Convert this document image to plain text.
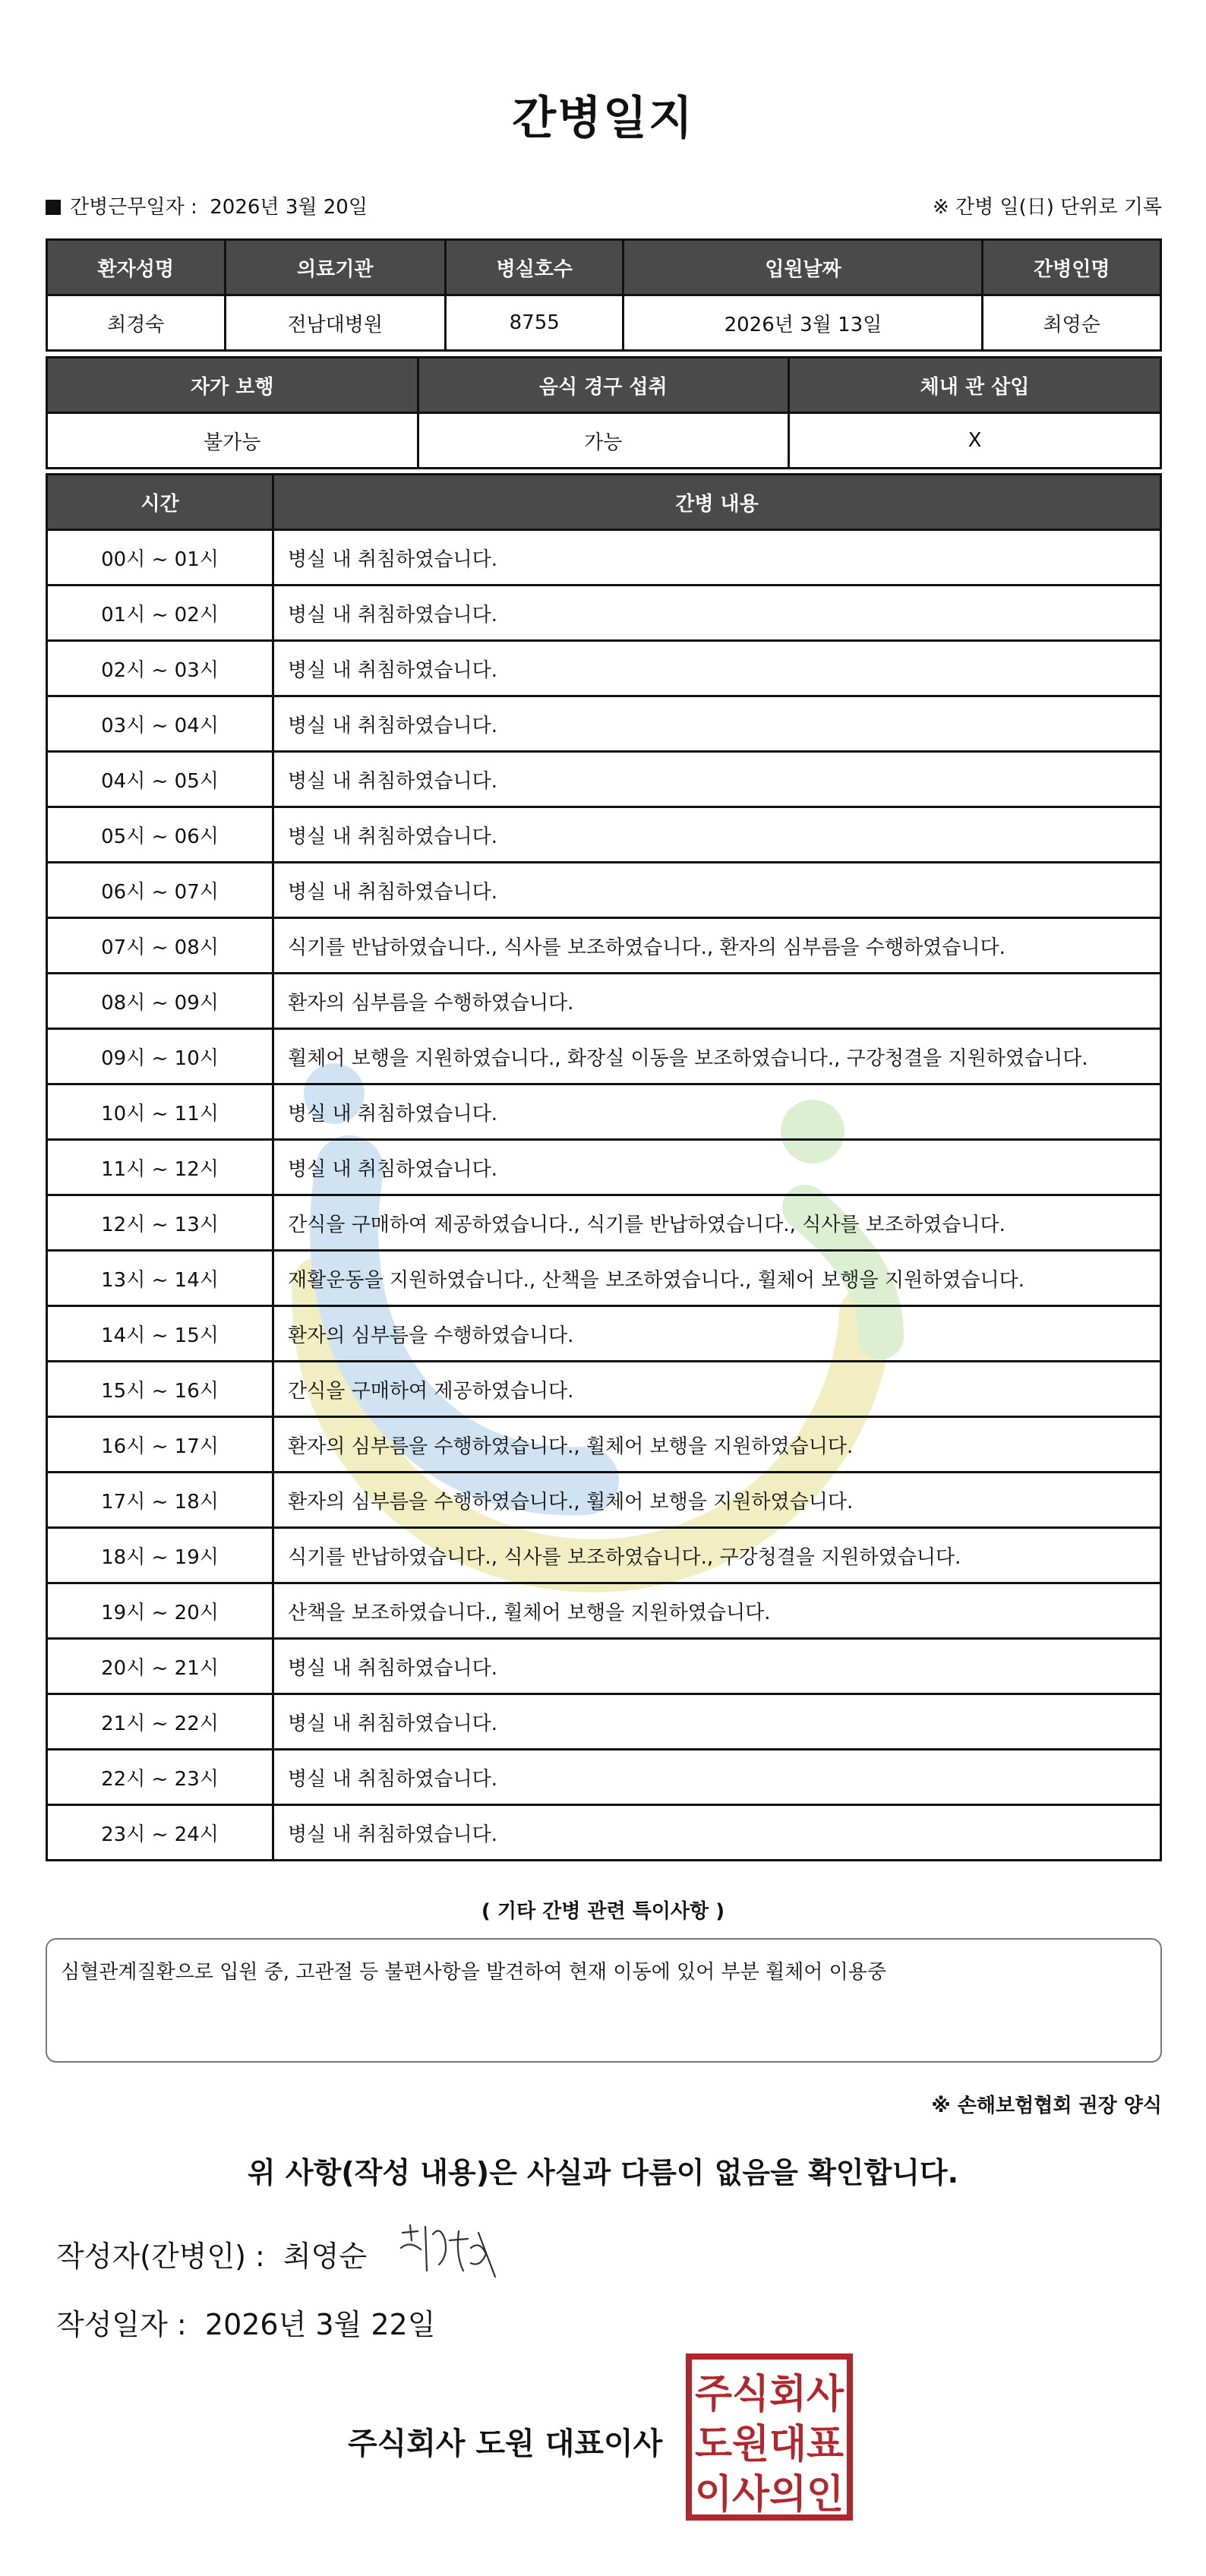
간병일지
간병근무일자 : 2026년 3월 20일	※ 간병 일(日) 단위로 기록
환자성명	의료기관	병실호수	입원날짜	간병인명
최경숙	전남대병원	8755	2026년 3월 13일	최영순
자가 보행	음식 경구 섭취	체내 관 삽입
불가능	가능	X
시간	간병 내용
00시 ~ 01시	병실 내 취침하였습니다.
01시 ~ 02시	병실 내 취침하였습니다.
02시 ~ 03시	병실 내 취침하였습니다.
03시 ~ 04시	병실 내 취침하였습니다.
04시 ~ 05시	병실 내 취침하였습니다.
05시 ~ 06시	병실 내 취침하였습니다.
06시 ~ 07시	병실 내 취침하였습니다.
07시 ~ 08시	식기를 반납하였습니다., 식사를 보조하였습니다., 환자의 심부름을 수행하였습니다.
08시 ~ 09시	환자의 심부름을 수행하였습니다.
09시 ~ 10시	휠체어 보행을 지원하였습니다., 화장실 이동을 보조하였습니다., 구강청결을 지원하였습니다.
10시 ~ 11시	병실 내 취침하였습니다.
11시 ~ 12시	병실 내 취침하였습니다.
12시 ~ 13시	간식을 구매하여 제공하였습니다., 식기를 반납하였습니다., 식사를 보조하였습니다.
13시 ~ 14시	재활운동을 지원하였습니다., 산책을 보조하였습니다., 휠체어 보행을 지원하였습니다.
14시 ~ 15시	환자의 심부름을 수행하였습니다.
15시 ~ 16시	간식을 구매하여 제공하였습니다.
16시 ~ 17시	환자의 심부름을 수행하였습니다., 휠체어 보행을 지원하였습니다.
17시 ~ 18시	환자의 심부름을 수행하였습니다., 휠체어 보행을 지원하였습니다.
18시 ~ 19시	식기를 반납하였습니다., 식사를 보조하였습니다., 구강청결을 지원하였습니다.
19시 ~ 20시	산책을 보조하였습니다., 휠체어 보행을 지원하였습니다.
20시 ~ 21시	병실 내 취침하였습니다.
21시 ~ 22시	병실 내 취침하였습니다.
22시 ~ 23시	병실 내 취침하였습니다.
23시 ~ 24시	병실 내 취침하였습니다.
( 기타 간병 관련 특이사항 )
심혈관계질환으로 입원 중, 고관절 등 불편사항을 발견하여 현재 이동에 있어 부분 휠체어 이용중
※ 손해보험협회 권장 양식
위 사항(작성 내용)은 사실과 다름이 없음을 확인합니다.
작성자(간병인) : 최영순
작성일자 : 2026년 3월 22일
주식회사 도원 대표이사
주식회사
도원대표
이사의인
